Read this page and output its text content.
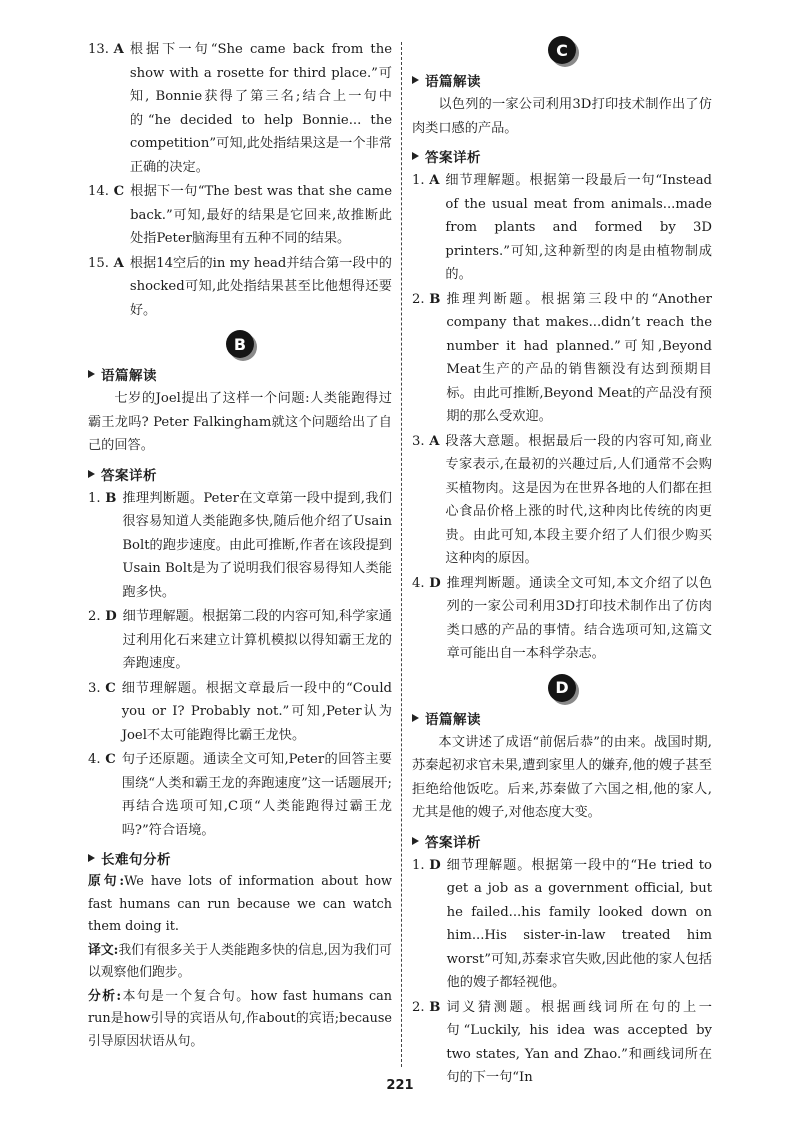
13. A 根据下一句“She came back from the show with a rosette for third place.”可知, Bonnie获得了第三名;结合上一句中的“he decided to help Bonnie... the competition”可知,此处指结果这是一个非常正确的决定。
14. C 根据下一句“The best was that she came back.”可知,最好的结果是它回来,故推断此处指Peter脑海里有五种不同的结果。
15. A 根据14空后的in my head并结合第一段中的shocked可知,此处指结果甚至比他想得还要好。
B
语篇解读

七岁的Joel提出了这样一个问题:人类能跑得过霸王龙吗? Peter Falkingham就这个问题给出了自己的回答。

答案详析
1. B 推理判断题。Peter在文章第一段中提到,我们很容易知道人类能跑多快,随后他介绍了Usain Bolt的跑步速度。由此可推断,作者在该段提到Usain Bolt是为了说明我们很容易得知人类能跑多快。
2. D 细节理解题。根据第二段的内容可知,科学家通过利用化石来建立计算机模拟以得知霸王龙的奔跑速度。
3. C 细节理解题。根据文章最后一段中的“Could you or I? Probably not.”可知,Peter认为Joel不太可能跑得比霸王龙快。
4. C 句子还原题。通读全文可知,Peter的回答主要围绕“人类和霸王龙的奔跑速度”这一话题展开;再结合选项可知,C项“人类能跑得过霸王龙吗?”符合语境。
长难句分析

原句:We have lots of information about how fast humans can run because we can watch them doing it.

译文:我们有很多关于人类能跑多快的信息,因为我们可以观察他们跑步。

分析:本句是一个复合句。how fast humans can run是how引导的宾语从句,作about的宾语;because引导原因状语从句。

C
语篇解读

以色列的一家公司利用3D打印技术制作出了仿肉类口感的产品。

答案详析
1. A 细节理解题。根据第一段最后一句“Instead of the usual meat from animals...made from plants and formed by 3D printers.”可知,这种新型的肉是由植物制成的。
2. B 推理判断题。根据第三段中的“Another company that makes...didn’t reach the number it had planned.”可知,Beyond Meat生产的产品的销售额没有达到预期目标。由此可推断,Beyond Meat的产品没有预期的那么受欢迎。
3. A 段落大意题。根据最后一段的内容可知,商业专家表示,在最初的兴趣过后,人们通常不会购买植物肉。这是因为在世界各地的人们都在担心食品价格上涨的时代,这种肉比传统的肉更贵。由此可知,本段主要介绍了人们很少购买这种肉的原因。
4. D 推理判断题。通读全文可知,本文介绍了以色列的一家公司利用3D打印技术制作出了仿肉类口感的产品的事情。结合选项可知,这篇文章可能出自一本科学杂志。
D
语篇解读

本文讲述了成语“前倨后恭”的由来。战国时期,苏秦起初求官未果,遭到家里人的嫌弃,他的嫂子甚至拒绝给他饭吃。后来,苏秦做了六国之相,他的家人,尤其是他的嫂子,对他态度大变。

答案详析
1. D 细节理解题。根据第一段中的“He tried to get a job as a government official, but he failed...his family looked down on him...His sister-in-law treated him worst”可知,苏秦求官失败,因此他的家人包括他的嫂子都轻视他。
2. B 词义猜测题。根据画线词所在句的上一句“Luckily, his idea was accepted by two states, Yan and Zhao.”和画线词所在句的下一句“In
221
